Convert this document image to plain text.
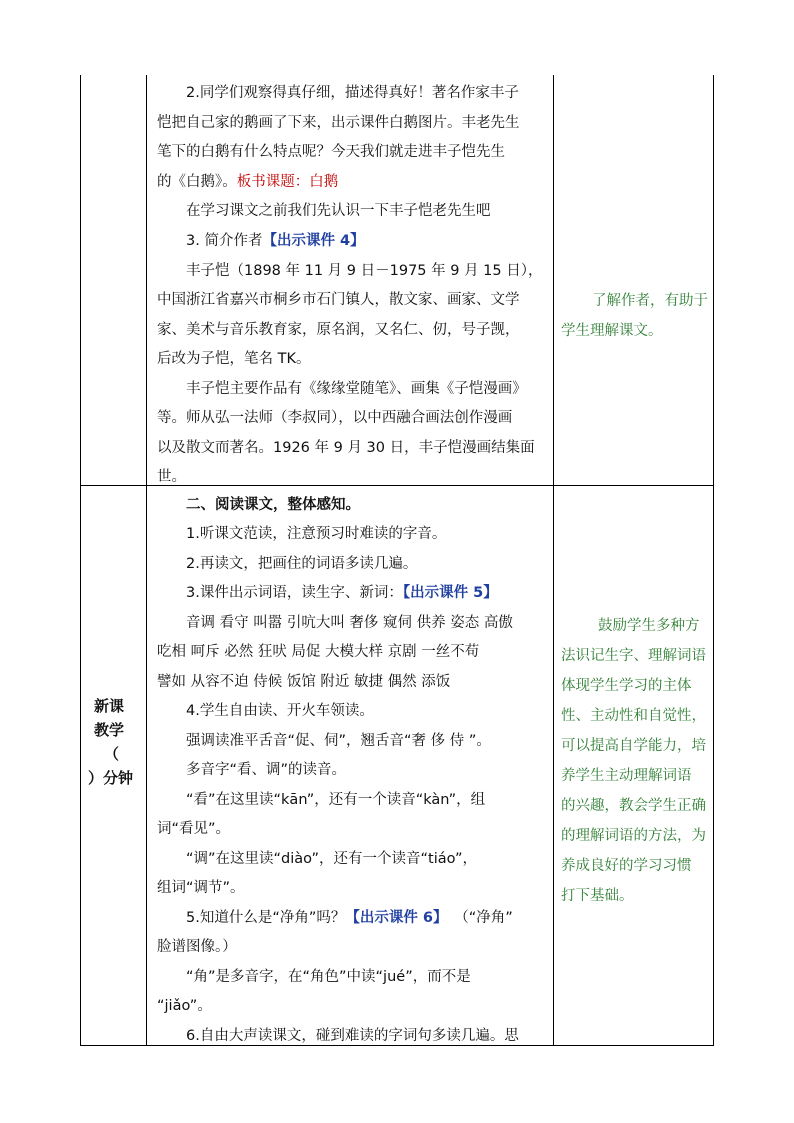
2.同学们观察得真仔细，描述得真好！著名作家丰子
恺把自己家的鹅画了下来，出示课件白鹅图片。丰老先生
笔下的白鹅有什么特点呢？今天我们就走进丰子恺先生
的《白鹅》。板书课题：白鹅
在学习课文之前我们先认识一下丰子恺老先生吧
3. 简介作者【出示课件 4】
丰子恺（1898 年 11 月 9 日－1975 年 9 月 15 日），
中国浙江省嘉兴市桐乡市石门镇人，散文家、画家、文学
家、美术与音乐教育家，原名润，又名仁、仞，号子觊，
后改为子恺，笔名 TK。
丰子恺主要作品有《缘缘堂随笔》、画集《子恺漫画》
等。师从弘一法师（李叔同），以中西融合画法创作漫画
以及散文而著名。1926 年 9 月 30 日，丰子恺漫画结集面
世。
了解作者，有助于
学生理解课文。
新课
教学
（
）分钟
二、阅读课文，整体感知。
1.听课文范读，注意预习时难读的字音。
2.再读文，把画住的词语多读几遍。
3.课件出示词语，读生字、新词：【出示课件 5】
音调 看守 叫嚣 引吭大叫 奢侈 窥伺 供养 姿态 高傲
吃相 呵斥 必然 狂吠 局促 大模大样 京剧 一丝不苟
譬如 从容不迫 侍候 饭馆 附近 敏捷 偶然 添饭
4.学生自由读、开火车领读。
强调读准平舌音“促、伺”，翘舌音“奢 侈 侍 ”。
多音字“看、调”的读音。
“看”在这里读“kān”，还有一个读音“kàn”，组
词“看见”。
“调”在这里读“diào”，还有一个读音“tiáo”，
组词“调节”。
5.知道什么是“净角”吗？【出示课件 6】 （“净角”
脸谱图像。）
“角”是多音字，在“角色”中读“jué”，而不是
“jiǎo”。
6.自由大声读课文，碰到难读的字词句多读几遍。思
鼓励学生多种方
法识记生字、理解词语
体现学生学习的主体
性、主动性和自觉性，
可以提高自学能力，培
养学生主动理解词语
的兴趣，教会学生正确
的理解词语的方法，为
养成良好的学习习惯
打下基础。
